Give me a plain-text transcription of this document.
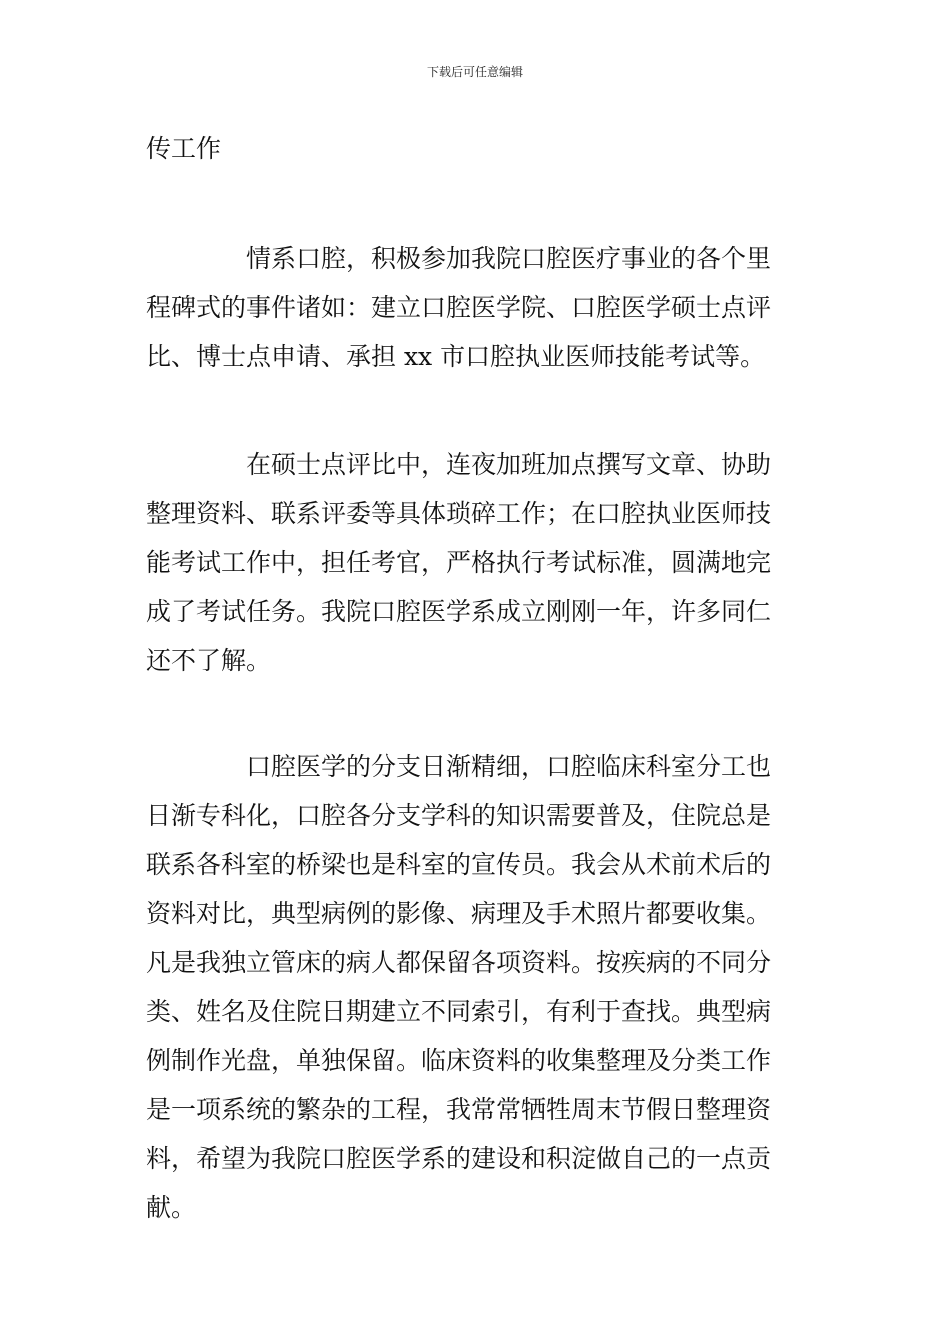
下载后可任意编辑

传工作

情系口腔，积极参加我院口腔医疗事业的各个里
程碑式的事件诸如：建立口腔医学院、口腔医学硕士点评
比、博士点申请、承担 xx 市口腔执业医师技能考试等。

在硕士点评比中，连夜加班加点撰写文章、协助
整理资料、联系评委等具体琐碎工作；在口腔执业医师技
能考试工作中，担任考官，严格执行考试标准，圆满地完
成了考试任务。我院口腔医学系成立刚刚一年，许多同仁
还不了解。

口腔医学的分支日渐精细，口腔临床科室分工也
日渐专科化，口腔各分支学科的知识需要普及，住院总是
联系各科室的桥梁也是科室的宣传员。我会从术前术后的
资料对比，典型病例的影像、病理及手术照片都要收集。
凡是我独立管床的病人都保留各项资料。按疾病的不同分
类、姓名及住院日期建立不同索引，有利于查找。典型病
例制作光盘，单独保留。临床资料的收集整理及分类工作
是一项系统的繁杂的工程，我常常牺牲周末节假日整理资
料，希望为我院口腔医学系的建设和积淀做自己的一点贡
献。
